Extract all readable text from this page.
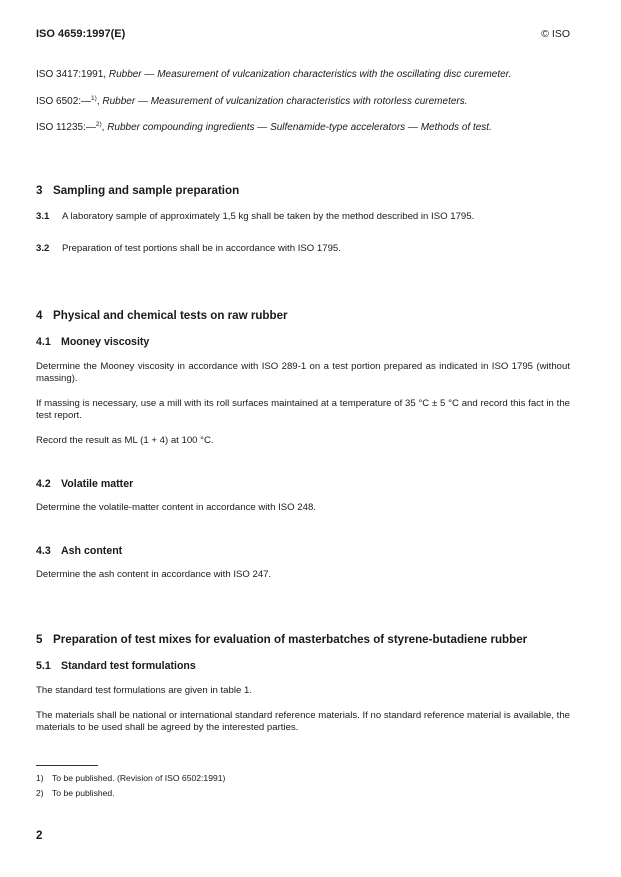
ISO 4659:1997(E)	© ISO
ISO 3417:1991, Rubber — Measurement of vulcanization characteristics with the oscillating disc curemeter.
ISO 6502:—$^{1)}$, Rubber — Measurement of vulcanization characteristics with rotorless curemeters.
ISO 11235:—$^{2)}$, Rubber compounding ingredients — Sulfenamide-type accelerators — Methods of test.
3 Sampling and sample preparation
3.1 A laboratory sample of approximately 1,5 kg shall be taken by the method described in ISO 1795.
3.2 Preparation of test portions shall be in accordance with ISO 1795.
4 Physical and chemical tests on raw rubber
4.1 Mooney viscosity
Determine the Mooney viscosity in accordance with ISO 289-1 on a test portion prepared as indicated in ISO 1795 (without massing).
If massing is necessary, use a mill with its roll surfaces maintained at a temperature of 35 °C ± 5 °C and record this fact in the test report.
Record the result as ML (1 + 4) at 100 °C.
4.2 Volatile matter
Determine the volatile-matter content in accordance with ISO 248.
4.3 Ash content
Determine the ash content in accordance with ISO 247.
5 Preparation of test mixes for evaluation of masterbatches of styrene-butadiene rubber
5.1 Standard test formulations
The standard test formulations are given in table 1.
The materials shall be national or international standard reference materials. If no standard reference material is available, the materials to be used shall be agreed by the interested parties.
1) To be published. (Revision of ISO 6502:1991)
2) To be published.
2
